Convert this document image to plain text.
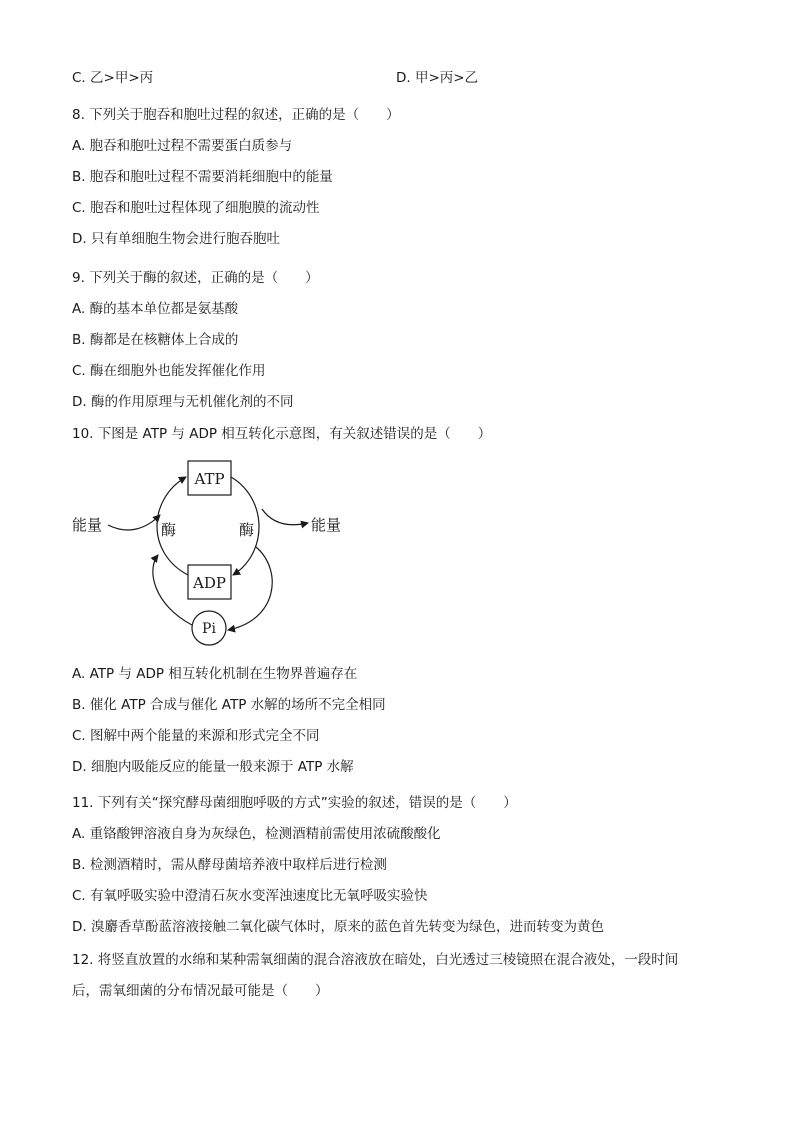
C. 乙>甲>丙	D. 甲>丙>乙
8. 下列关于胞吞和胞吐过程的叙述，正确的是（　　）
A. 胞吞和胞吐过程不需要蛋白质参与
B. 胞吞和胞吐过程不需要消耗细胞中的能量
C. 胞吞和胞吐过程体现了细胞膜的流动性
D. 只有单细胞生物会进行胞吞胞吐
9. 下列关于酶的叙述，正确的是（　　）
A. 酶的基本单位都是氨基酸
B. 酶都是在核糖体上合成的
C. 酶在细胞外也能发挥催化作用
D. 酶的作用原理与无机催化剂的不同
10. 下图是 ATP 与 ADP 相互转化示意图，有关叙述错误的是（　　）
ATP
ADP
Pi
能量	能量
酶	酶
A. ATP 与 ADP 相互转化机制在生物界普遍存在
B. 催化 ATP 合成与催化 ATP 水解的场所不完全相同
C. 图解中两个能量的来源和形式完全不同
D. 细胞内吸能反应的能量一般来源于 ATP 水解
11. 下列有关“探究酵母菌细胞呼吸的方式”实验的叙述，错误的是（　　）
A. 重铬酸钾溶液自身为灰绿色，检测酒精前需使用浓硫酸酸化
B. 检测酒精时，需从酵母菌培养液中取样后进行检测
C. 有氧呼吸实验中澄清石灰水变浑浊速度比无氧呼吸实验快
D. 溴麝香草酚蓝溶液接触二氧化碳气体时，原来的蓝色首先转变为绿色，进而转变为黄色
12. 将竖直放置的水绵和某种需氧细菌的混合溶液放在暗处，白光透过三棱镜照在混合液处，一段时间
后，需氧细菌的分布情况最可能是（　　）
